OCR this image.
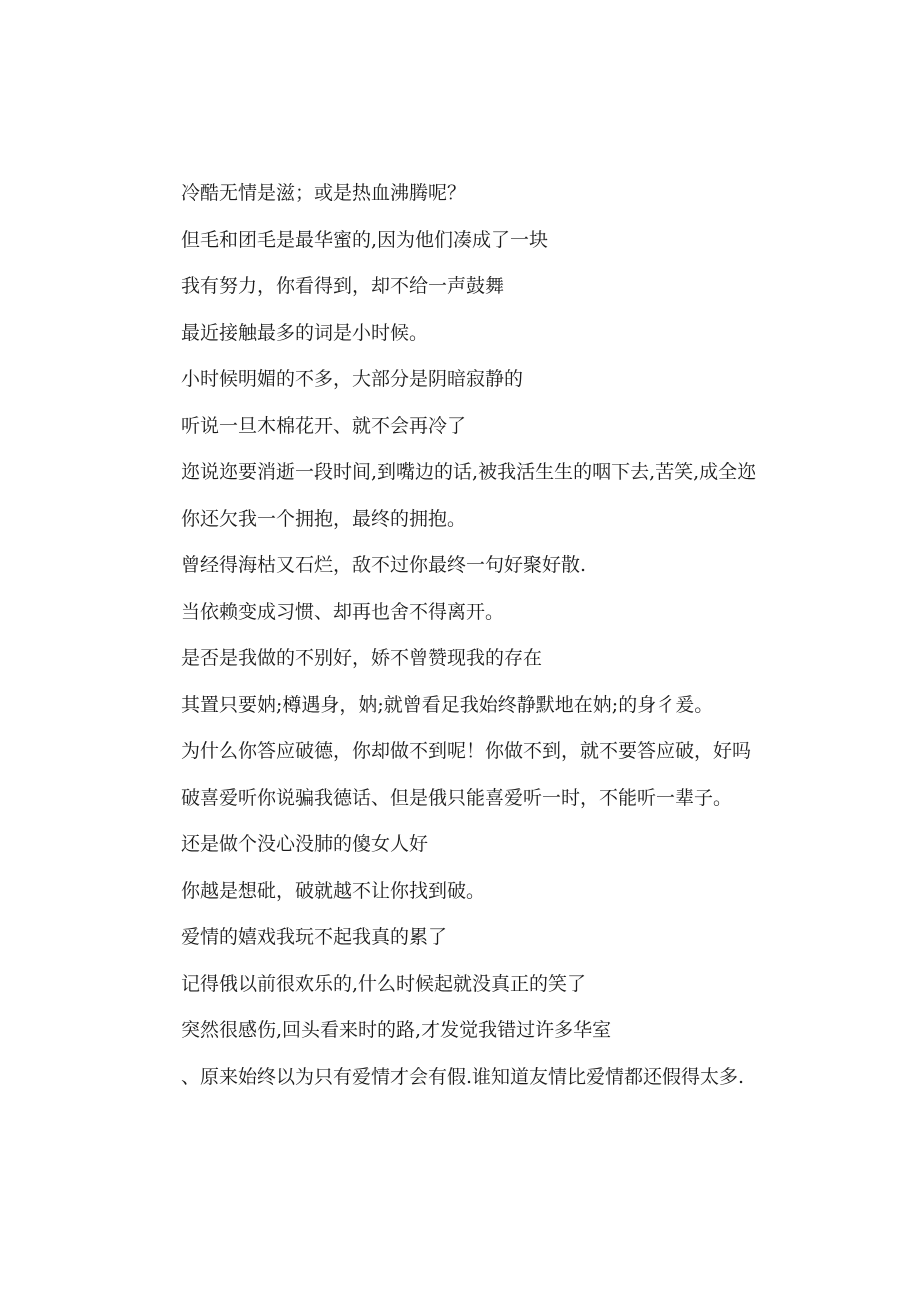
冷酷无情是滋；或是热血沸腾呢？

但毛和团毛是最华蜜的,因为他们凑成了一块

我有努力，你看得到，却不给一声鼓舞

最近接触最多的词是小时候。

小时候明媚的不多，大部分是阴暗寂静的

听说一旦木棉花开、就不会再冷了

迩说迩要消逝一段时间,到嘴边的话,被我活生生的咽下去,苦笑,成全迩

你还欠我一个拥抱，最终的拥抱。

曾经得海枯又石烂，敌不过你最终一句好聚好散.

当依赖变成习惯、却再也舍不得离开。

是否是我做的不别好，娇不曾赞现我的存在

其置只要妠;樽遇身，妠;就曾看足我始终静默地在妠;的身彳爰。

为什么你答应破德，你却做不到呢！你做不到，就不要答应破，好吗

破喜爱听你说骗我德话、但是俄只能喜爱听一时，不能听一辈子。

还是做个没心没肺的傻女人好

你越是想砒，破就越不让你找到破。

爱情的嬉戏我玩不起我真的累了

记得俄以前很欢乐的,什么时候起就没真正的笑了

突然很感伤,回头看来时的路,才发觉我错过许多华室

、原来始终以为只有爱情才会有假.谁知道友情比爱情都还假得太多.
